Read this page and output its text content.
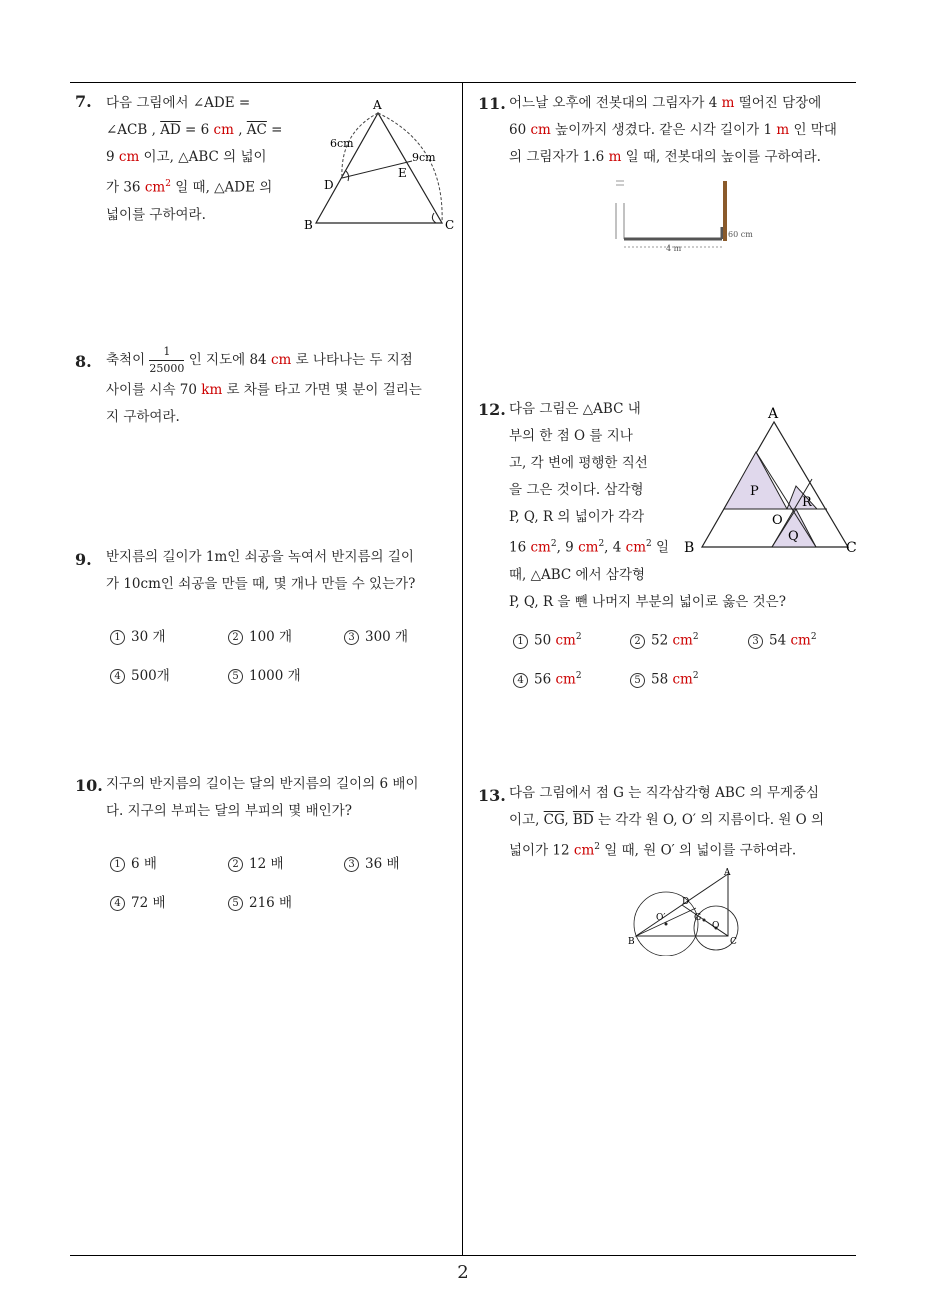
7. 다음 그림에서 ∠ADE =
∠ACB , $\overline{AD} = 6$ cm , $\overline{AC}$ =
9 cm 이고, △ABC 의 넓이
가 36 $cm^2$ 일 때, △ADE 의
넓이를 구하여라.
A
B	C
D
E
6cm
9cm
8. 축척이 $\frac{1}{25000}$ 인 지도에 84 cm 로 나타나는 두 지점
사이를 시속 70 km 로 차를 타고 가면 몇 분이 걸리는
지 구하여라.
9. 반지름의 길이가 1m인 쇠공을 녹여서 반지름의 길이
가 10cm인 쇠공을 만들 때, 몇 개나 만들 수 있는가?
1 30 개	2 100 개	3 300 개
4 500개	5 1000 개
10. 지구의 반지름의 길이는 달의 반지름의 길이의 6 배이
다. 지구의 부피는 달의 부피의 몇 배인가?
1 6 배	2 12 배	3 36 배
4 72 배	5 216 배
11. 어느날 오후에 전봇대의 그림자가 4 m 떨어진 담장에
60 cm 높이까지 생겼다. 같은 시각 길이가 1 m 인 막대
의 그림자가 1.6 m 일 때, 전봇대의 높이를 구하여라.
60 cm
4 m
12. 다음 그림은 △ABC 내
부의 한 점 O 를 지나
고, 각 변에 평행한 직선
을 그은 것이다. 삼각형
P, Q, R 의 넓이가 각각
16 $cm^2$, 9 $cm^2$, 4 $cm^2$ 일
때, △ABC 에서 삼각형
P, Q, R 을 뺀 나머지 부분의 넓이로 옳은 것은?
A
B	C
P
R
O
Q
1 50 $cm^2$	2 52 $cm^2$	3 54 $cm^2$
4 56 $cm^2$	5 58 $cm^2$
13. 다음 그림에서 점 G 는 직각삼각형 ABC 의 무게중심
이고, $\overline{CG}$, $\overline{BD}$ 는 각각 원 O, O′ 의 지름이다. 원 O 의
넓이가 12 $cm^2$ 일 때, 원 O′ 의 넓이를 구하여라.
A
B	C
D
G
O
O′
2
